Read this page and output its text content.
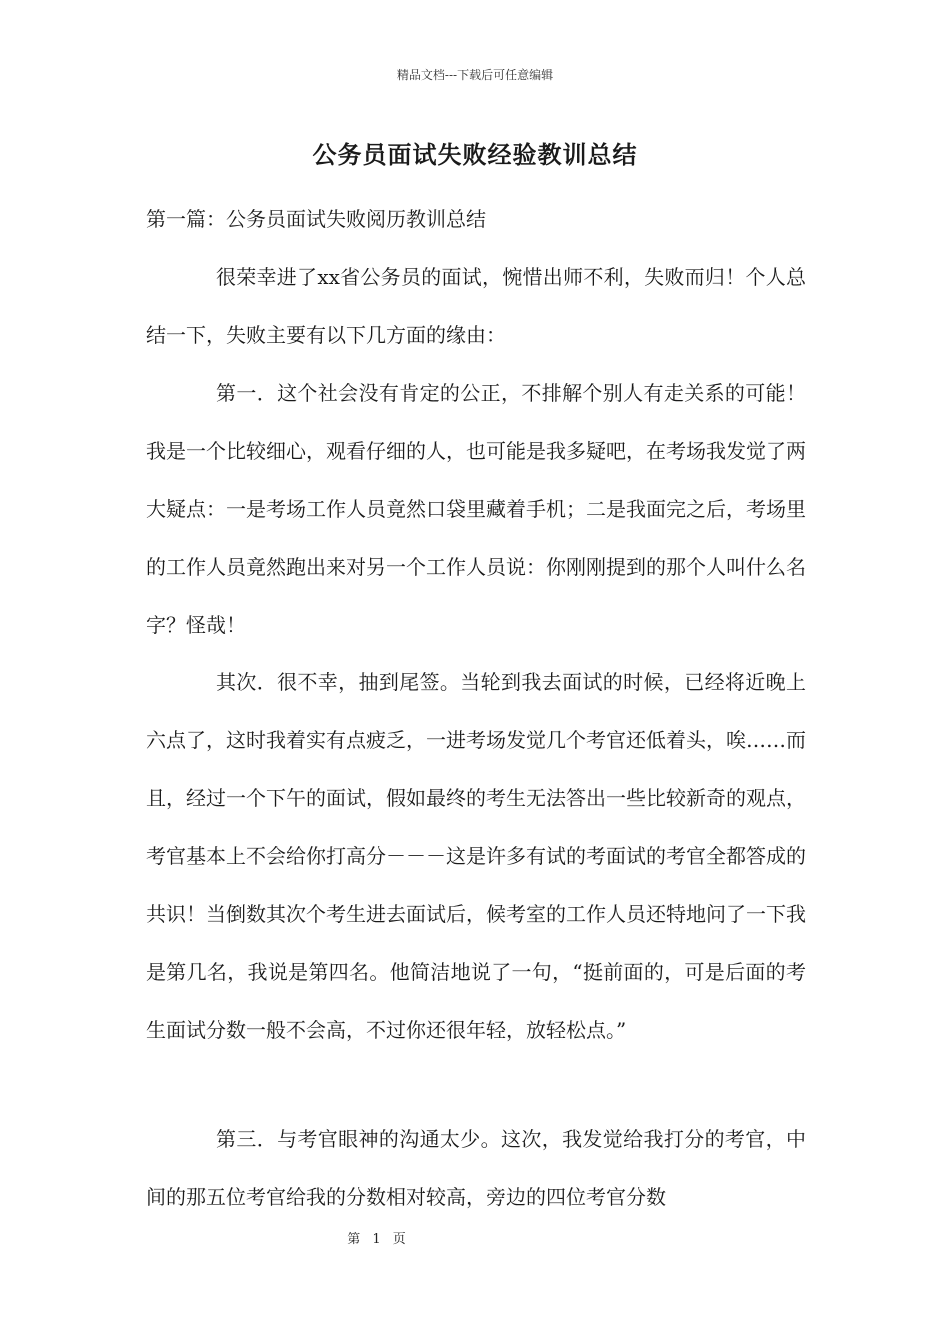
精品文档---下载后可任意编辑
公务员面试失败经验教训总结
第一篇：公务员面试失败阅历教训总结

很荣幸进了xx省公务员的面试，惋惜出师不利，失败而归！个人总结一下，失败主要有以下几方面的缘由：

第一．这个社会没有肯定的公正，不排解个别人有走关系的可能！我是一个比较细心，观看仔细的人，也可能是我多疑吧，在考场我发觉了两大疑点：一是考场工作人员竟然口袋里藏着手机；二是我面完之后，考场里的工作人员竟然跑出来对另一个工作人员说：你刚刚提到的那个人叫什么名字？怪哉！

其次．很不幸，抽到尾签。当轮到我去面试的时候，已经将近晚上六点了，这时我着实有点疲乏，一进考场发觉几个考官还低着头，唉……而且，经过一个下午的面试，假如最终的考生无法答出一些比较新奇的观点，考官基本上不会给你打高分－－－这是许多有试的考面试的考官全都答成的共识！当倒数其次个考生进去面试后，候考室的工作人员还特地问了一下我是第几名，我说是第四名。他简洁地说了一句，“挺前面的，可是后面的考生面试分数一般不会高，不过你还很年轻，放轻松点。”

第三．与考官眼神的沟通太少。这次，我发觉给我打分的考官，中间的那五位考官给我的分数相对较高，旁边的四位考官分数

第 1 页
